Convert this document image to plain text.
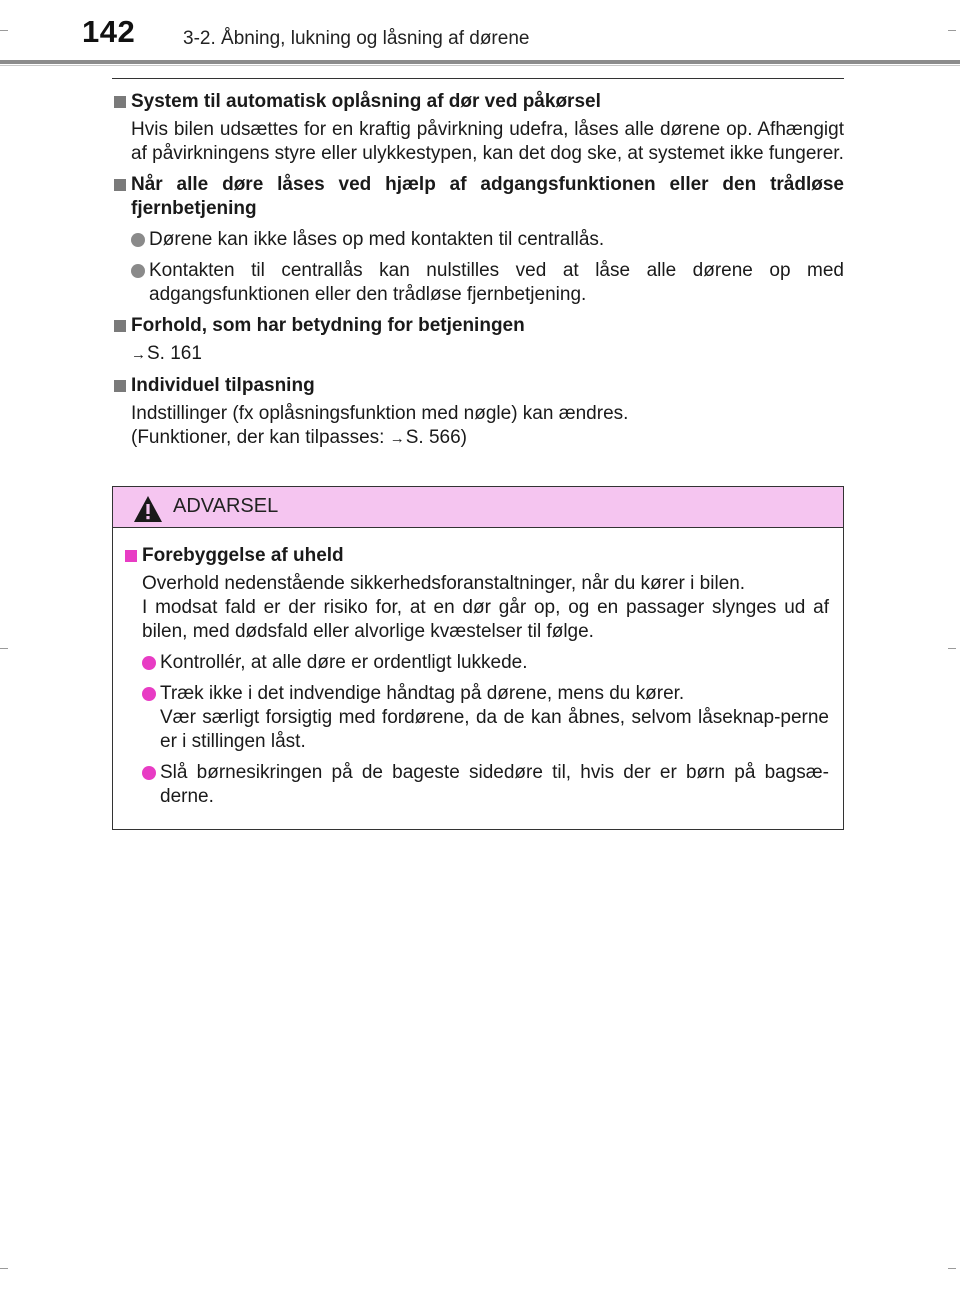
142	3-2. Åbning, lukning og låsning af dørene
System til automatisk oplåsning af dør ved påkørsel
Hvis bilen udsættes for en kraftig påvirkning udefra, låses alle dørene op. Afhængigt af påvirkningens styre eller ulykkestypen, kan det dog ske, at systemet ikke fungerer.
Når alle døre låses ved hjælp af adgangsfunktionen eller den trådløse fjernbetjening
Dørene kan ikke låses op med kontakten til centrallås.
Kontakten til centrallås kan nulstilles ved at låse alle dørene op med adgangsfunktionen eller den trådløse fjernbetjening.
Forhold, som har betydning for betjeningen
→S. 161
Individuel tilpasning
Indstillinger (fx oplåsningsfunktion med nøgle) kan ændres.
(Funktioner, der kan tilpasses: →S. 566)
ADVARSEL
Forebyggelse af uheld
Overhold nedenstående sikkerhedsforanstaltninger, når du kører i bilen.
I modsat fald er der risiko for, at en dør går op, og en passager slynges ud af bilen, med dødsfald eller alvorlige kvæstelser til følge.
Kontrollér, at alle døre er ordentligt lukkede.
Træk ikke i det indvendige håndtag på dørene, mens du kører.
Vær særligt forsigtig med fordørene, da de kan åbnes, selvom låseknap-perne er i stillingen låst.
Slå børnesikringen på de bageste sidedøre til, hvis der er børn på bagsæ-derne.
